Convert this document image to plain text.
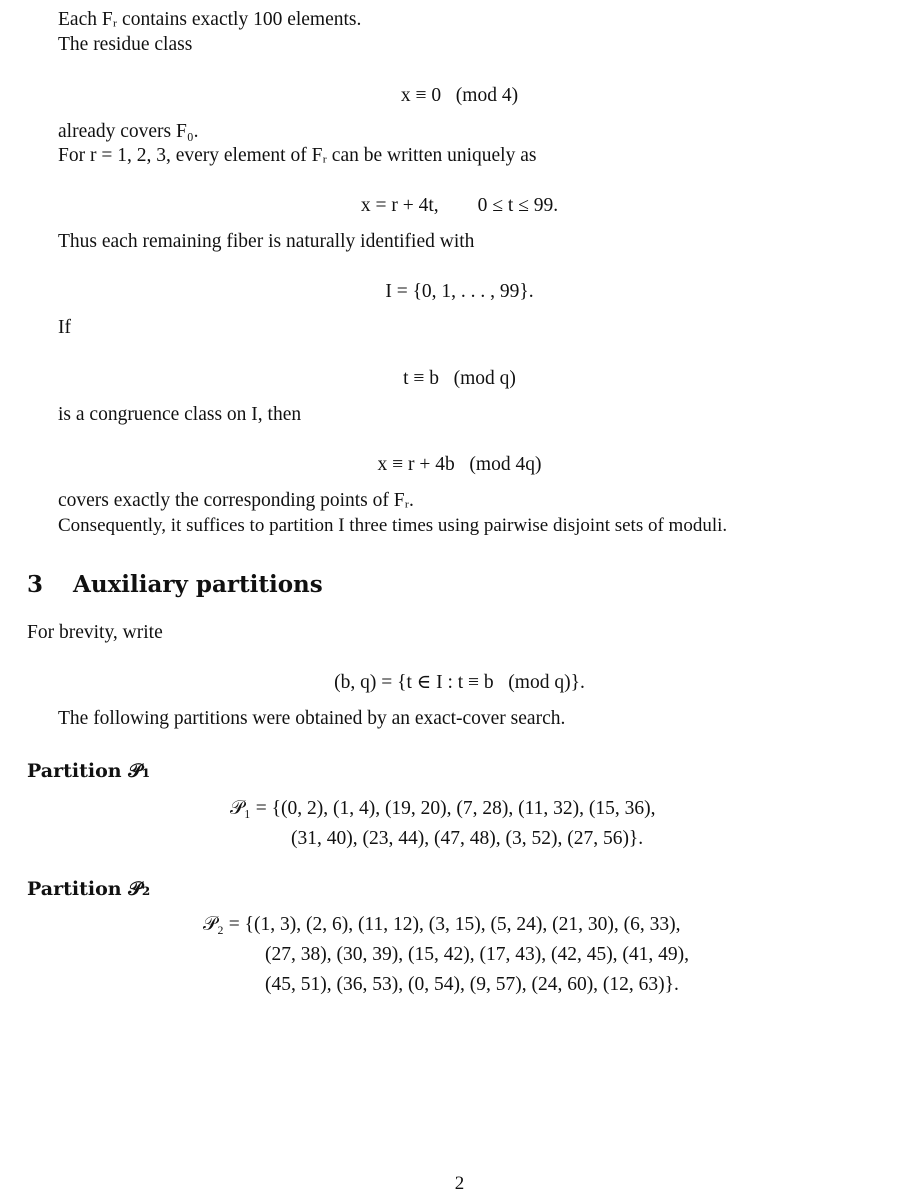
Each Fᵣ contains exactly 100 elements.
The residue class
x ≡ 0   (mod 4)
already covers F₀.
For r = 1, 2, 3, every element of Fᵣ can be written uniquely as
x = r + 4t,        0 ≤ t ≤ 99.
Thus each remaining fiber is naturally identified with
I = {0, 1, . . . , 99}.
If
t ≡ b   (mod q)
is a congruence class on I, then
x ≡ r + 4b   (mod 4q)
covers exactly the corresponding points of Fᵣ.
Consequently, it suffices to partition I three times using pairwise disjoint sets of moduli.
3 Auxiliary partitions
For brevity, write
(b, q) = {t ∈ I : t ≡ b   (mod q)}.
The following partitions were obtained by an exact-cover search.
Partition 𝒫₁
𝒫₁ = {(0, 2), (1, 4), (19, 20), (7, 28), (11, 32), (15, 36),
(31, 40), (23, 44), (47, 48), (3, 52), (27, 56)}.
Partition 𝒫₂
𝒫₂ = {(1, 3), (2, 6), (11, 12), (3, 15), (5, 24), (21, 30), (6, 33),
(27, 38), (30, 39), (15, 42), (17, 43), (42, 45), (41, 49),
(45, 51), (36, 53), (0, 54), (9, 57), (24, 60), (12, 63)}.
2
